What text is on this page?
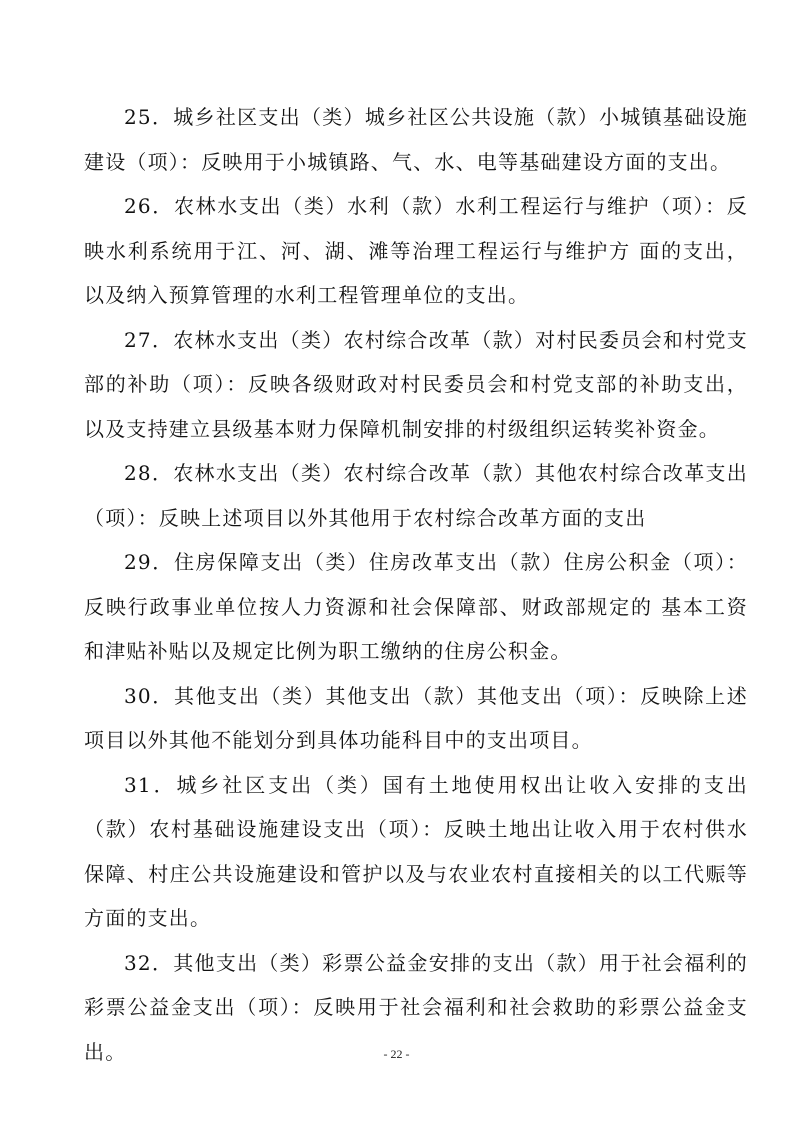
25．城乡社区支出（类）城乡社区公共设施（款）小城镇基础设施建设（项）：反映用于小城镇路、气、水、电等基础建设方面的支出。

26．农林水支出（类）水利（款）水利工程运行与维护（项）：反映水利系统用于江、河、湖、滩等治理工程运行与维护方 面的支出，以及纳入预算管理的水利工程管理单位的支出。

27．农林水支出（类）农村综合改革（款）对村民委员会和村党支部的补助（项）：反映各级财政对村民委员会和村党支部的补助支出，以及支持建立县级基本财力保障机制安排的村级组织运转奖补资金。

28．农林水支出（类）农村综合改革（款）其他农村综合改革支出（项）：反映上述项目以外其他用于农村综合改革方面的支出

29．住房保障支出（类）住房改革支出（款）住房公积金（项）：反映行政事业单位按人力资源和社会保障部、财政部规定的 基本工资和津贴补贴以及规定比例为职工缴纳的住房公积金。

30．其他支出（类）其他支出（款）其他支出（项）：反映除上述项目以外其他不能划分到具体功能科目中的支出项目。

31．城乡社区支出（类）国有土地使用权出让收入安排的支出（款）农村基础设施建设支出（项）：反映土地出让收入用于农村供水保障、村庄公共设施建设和管护以及与农业农村直接相关的以工代赈等方面的支出。

32．其他支出（类）彩票公益金安排的支出（款）用于社会福利的彩票公益金支出（项）：反映用于社会福利和社会救助的彩票公益金支出。	- 22 -
